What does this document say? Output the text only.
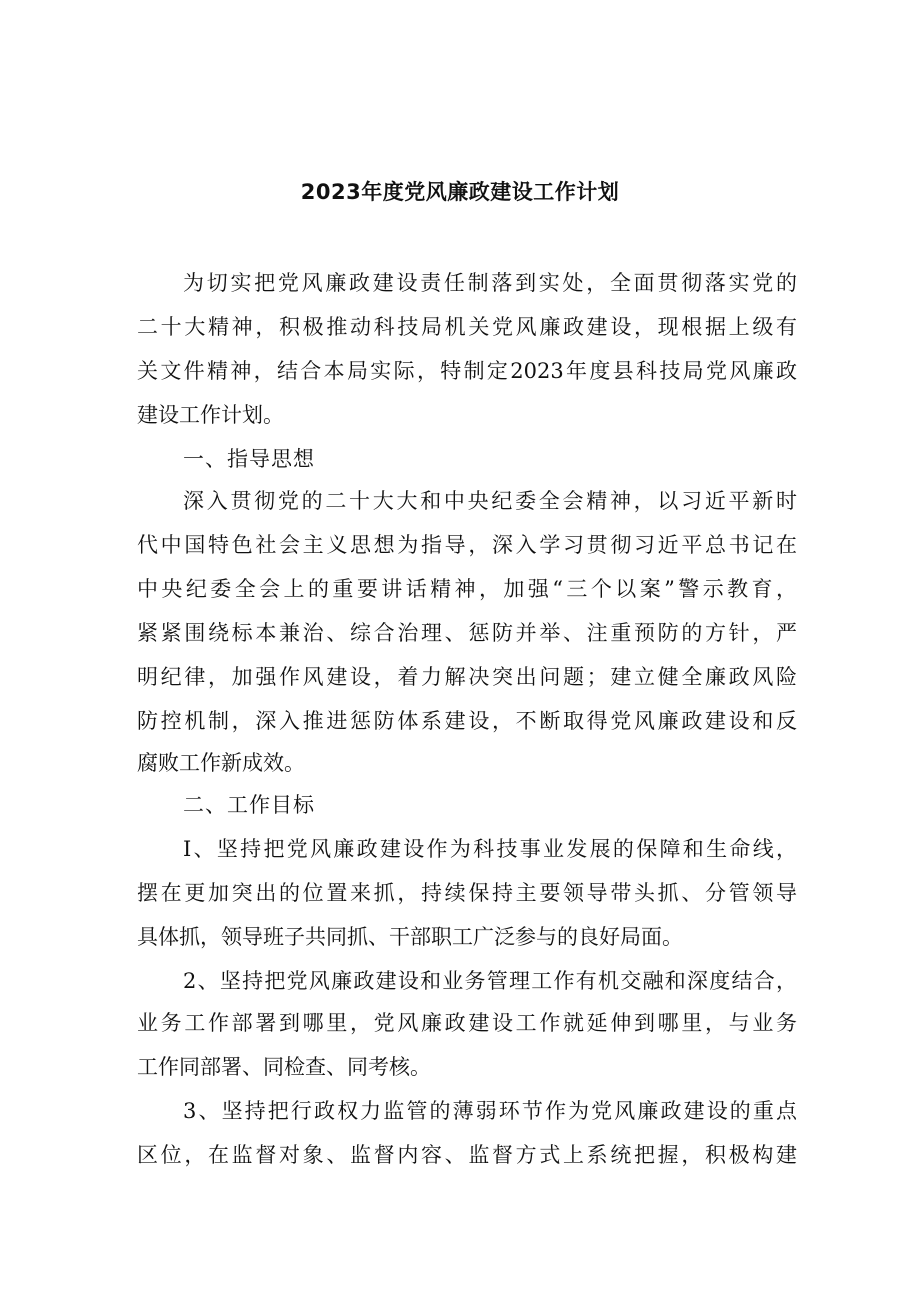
2023年度党风廉政建设工作计划
为切实把党风廉政建设责任制落到实处，全面贯彻落实党的
二十大精神，积极推动科技局机关党风廉政建设，现根据上级有
关文件精神，结合本局实际，特制定2023年度县科技局党风廉政
建设工作计划。
一、指导思想
深入贯彻党的二十大大和中央纪委全会精神，以习近平新时
代中国特色社会主义思想为指导，深入学习贯彻习近平总书记在
中央纪委全会上的重要讲话精神，加强“三个以案”警示教育，
紧紧围绕标本兼治、综合治理、惩防并举、注重预防的方针，严
明纪律，加强作风建设，着力解决突出问题；建立健全廉政风险
防控机制，深入推进惩防体系建设，不断取得党风廉政建设和反
腐败工作新成效。
二、工作目标
I、坚持把党风廉政建设作为科技事业发展的保障和生命线，
摆在更加突出的位置来抓，持续保持主要领导带头抓、分管领导
具体抓，领导班子共同抓、干部职工广泛参与的良好局面。
2、坚持把党风廉政建设和业务管理工作有机交融和深度结合，
业务工作部署到哪里，党风廉政建设工作就延伸到哪里，与业务
工作同部署、同检查、同考核。
3、坚持把行政权力监管的薄弱环节作为党风廉政建设的重点
区位，在监督对象、监督内容、监督方式上系统把握，积极构建
